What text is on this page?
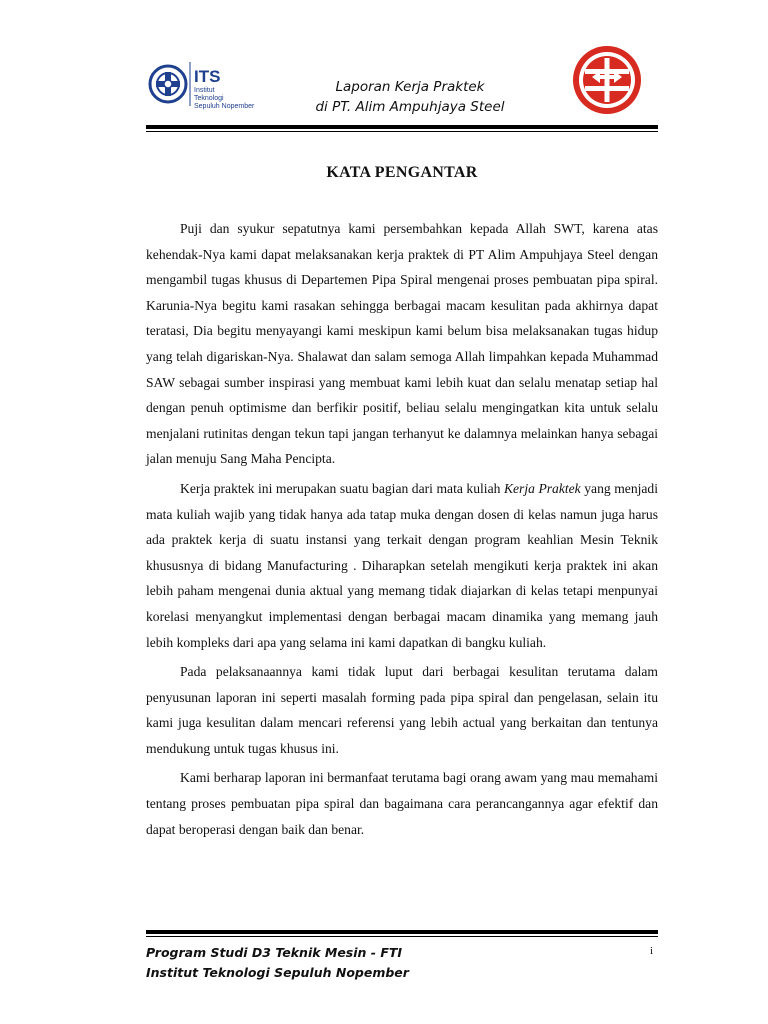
ITS
Institut
Teknologi
Sepuluh Nopember
Laporan Kerja Praktek
di PT. Alim Ampuhjaya Steel
KATA PENGANTAR

Puji dan syukur sepatutnya kami persembahkan kepada Allah SWT, karena atas kehendak-Nya kami dapat melaksanakan kerja praktek di PT Alim Ampuhjaya Steel dengan mengambil tugas khusus di Departemen Pipa Spiral mengenai proses pembuatan pipa spiral. Karunia-Nya begitu kami rasakan sehingga berbagai macam kesulitan pada akhirnya dapat teratasi, Dia begitu menyayangi kami meskipun kami belum bisa melaksanakan tugas hidup yang telah digariskan-Nya. Shalawat dan salam semoga Allah limpahkan kepada Muhammad SAW sebagai sumber inspirasi yang membuat kami lebih kuat dan selalu menatap setiap hal dengan penuh optimisme dan berfikir positif, beliau selalu mengingatkan kita untuk selalu menjalani rutinitas dengan tekun tapi jangan terhanyut ke dalamnya melainkan hanya sebagai jalan menuju Sang Maha Pencipta.

Kerja praktek ini merupakan suatu bagian dari mata kuliah Kerja Praktek yang menjadi mata kuliah wajib yang tidak hanya ada tatap muka dengan dosen di kelas namun juga harus ada praktek kerja di suatu instansi yang terkait dengan program keahlian Mesin Teknik khususnya di bidang Manufacturing . Diharapkan setelah mengikuti kerja praktek ini akan lebih paham mengenai dunia aktual yang memang tidak diajarkan di kelas tetapi menpunyai korelasi menyangkut implementasi dengan berbagai macam dinamika yang memang jauh lebih kompleks dari apa yang selama ini kami dapatkan di bangku kuliah.

Pada pelaksanaannya kami tidak luput dari berbagai kesulitan terutama dalam penyusunan laporan ini seperti masalah forming pada pipa spiral dan pengelasan, selain itu kami juga kesulitan dalam mencari referensi yang lebih actual yang berkaitan dan tentunya mendukung untuk tugas khusus ini.

Kami berharap laporan ini bermanfaat terutama bagi orang awam yang mau memahami tentang proses pembuatan pipa spiral dan bagaimana cara perancangannya agar efektif dan dapat beroperasi dengan baik dan benar.

Program Studi D3 Teknik Mesin - FTI
Institut Teknologi Sepuluh Nopember
i
